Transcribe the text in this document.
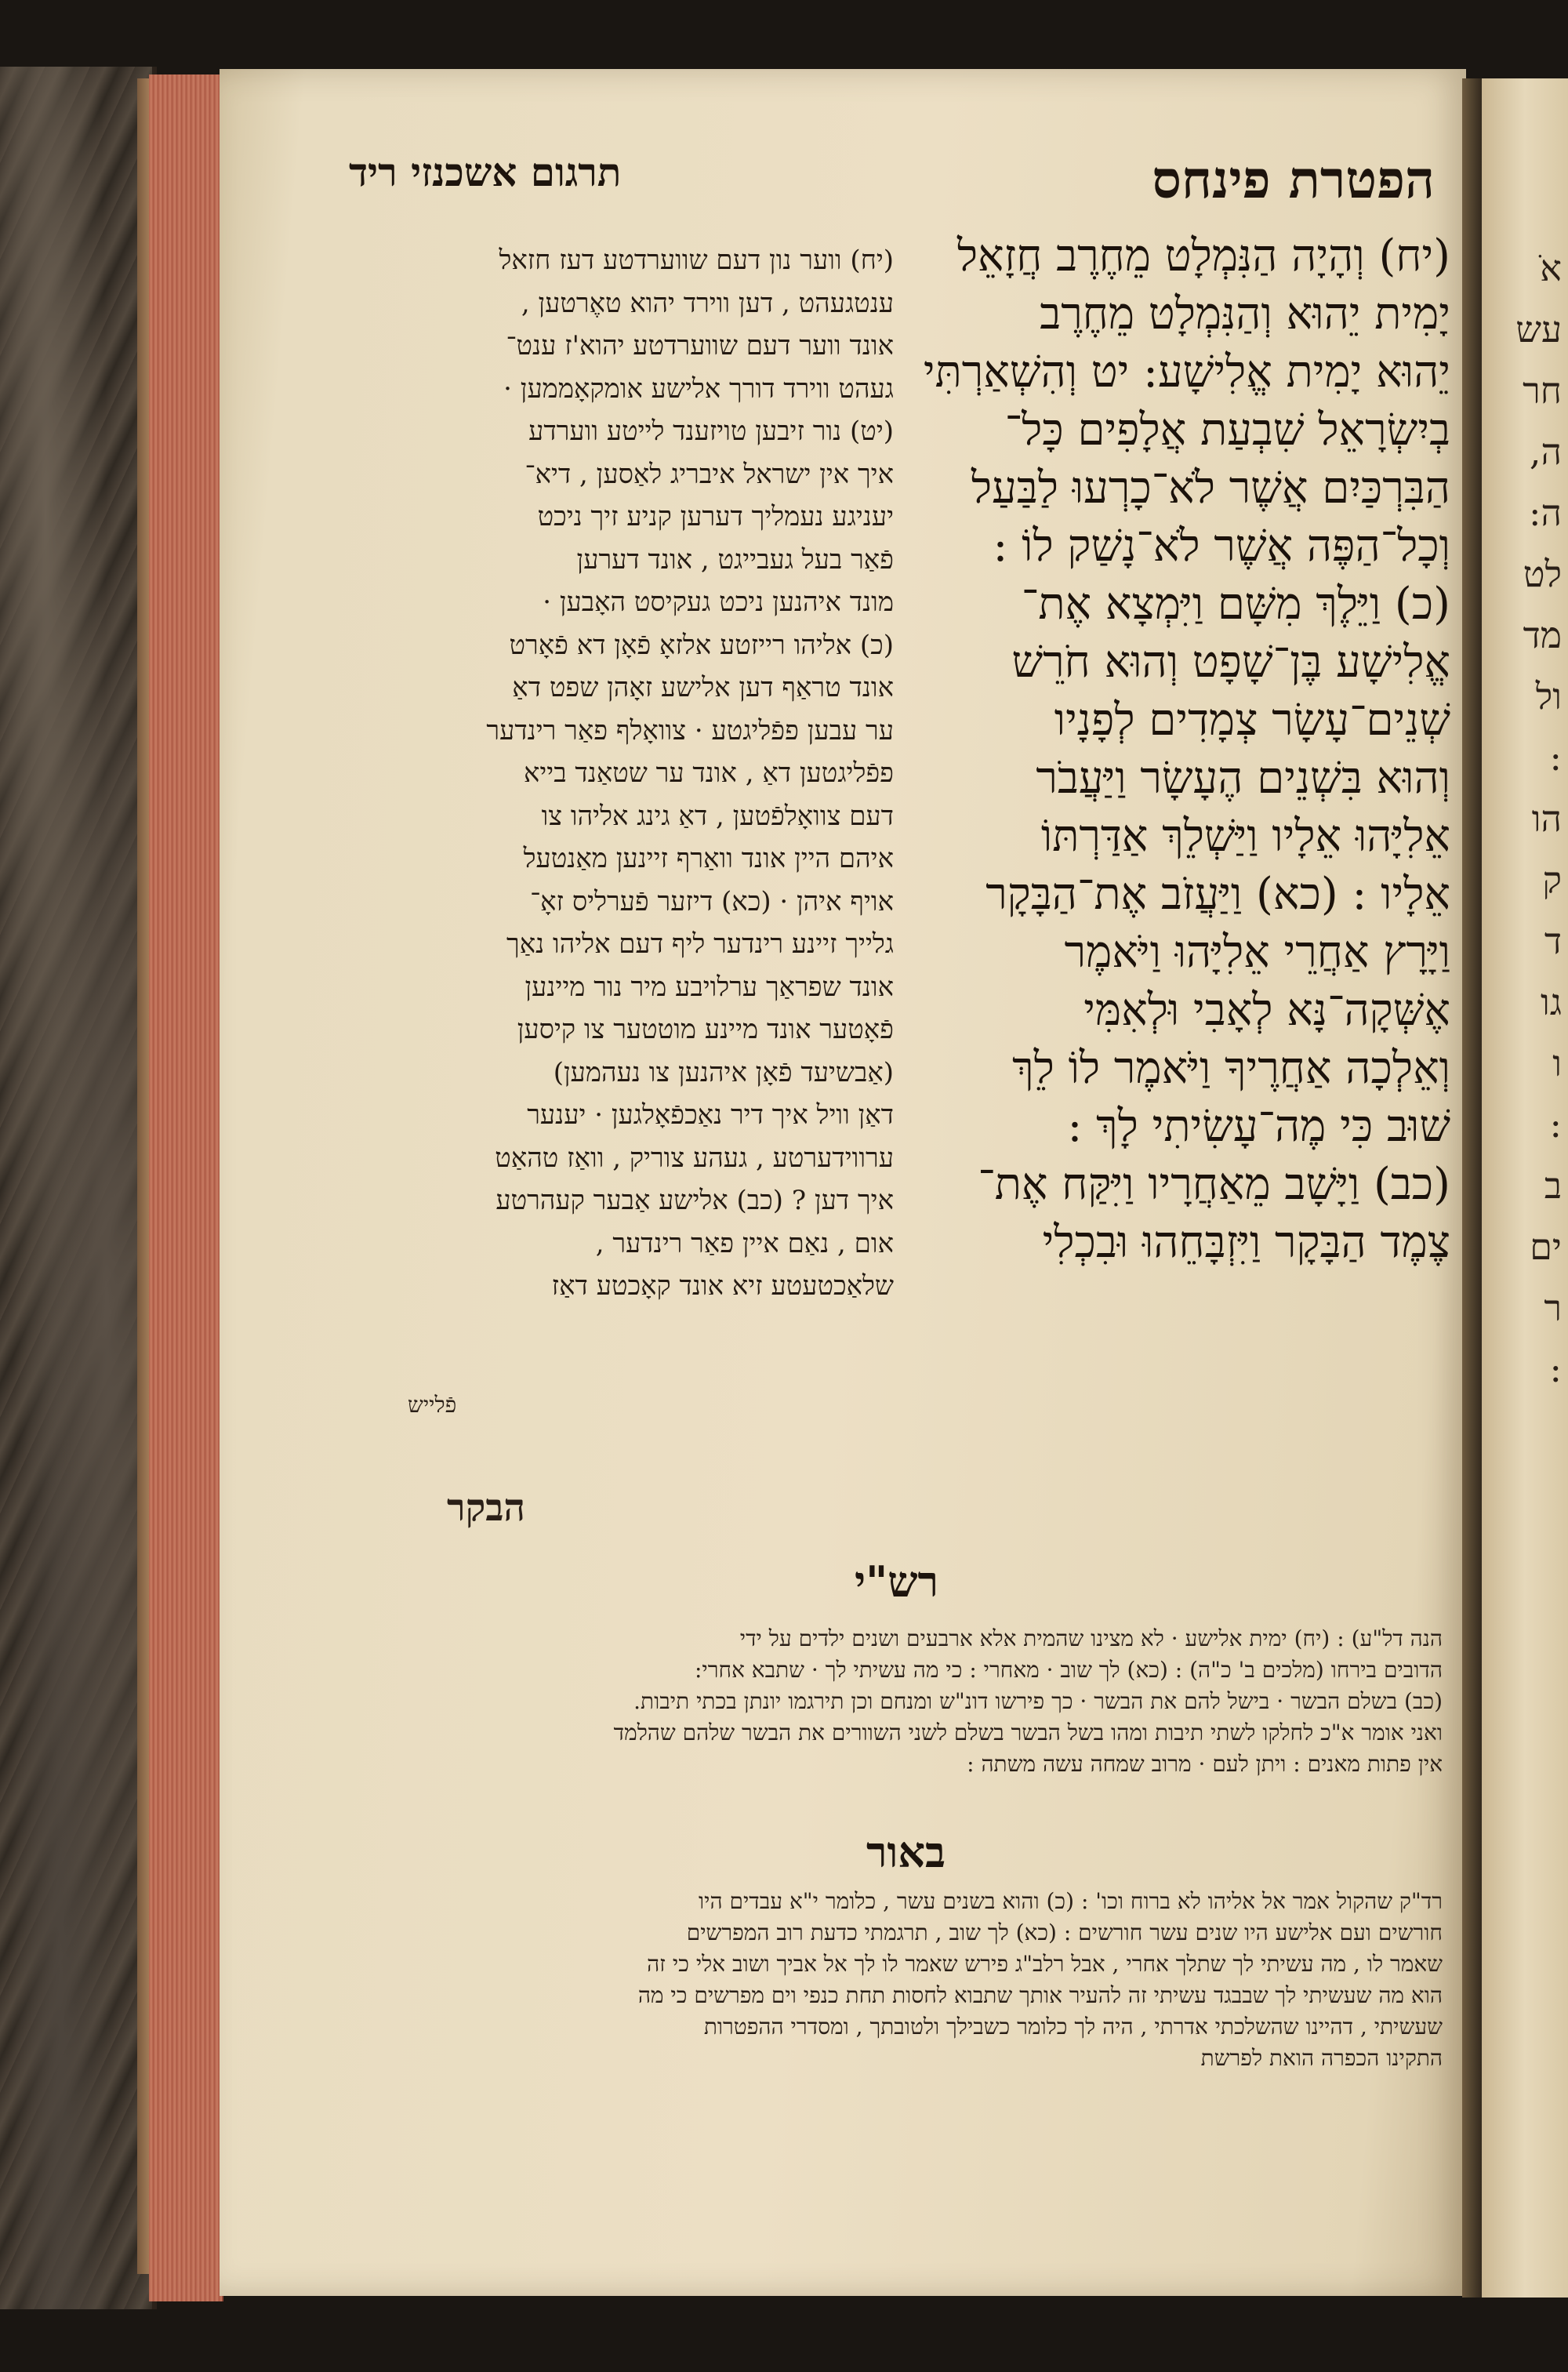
הפטרת פינחס
תרגום אשכנזי ריד
(יח) וְהָיָה הַנִּמְלָט מֵחֶרֶב חֲזָאֵל
יָמִית יֵהוּא וְהַנִּמְלָט מֵחֶרֶב
יֵהוּא יָמִית אֱלִישָׁע: יט וְהִשְׁאַרְתִּי
בְיִשְׂרָאֵל שִׁבְעַת אֲלָפִים כָּל־
הַבִּרְכַּיִם אֲשֶׁר לֹא־כָרְעוּ לַבַּעַל
וְכָל־הַפֶּה אֲשֶׁר לֹא־נָשַׁק לוֹ :
(כ) וַיֵּלֶךְ מִשָּׁם וַיִּמְצָא אֶת־
אֱלִישָׁע בֶּן־שָׁפָט וְהוּא חֹרֵשׁ
שְׁנֵים־עָשָׂר צְמָדִים לְפָנָיו
וְהוּא בִּשְׁנֵים הֶעָשָׂר וַיַּעֲבֹר
אֵלִיָּהוּ אֵלָיו וַיַּשְׁלֵךְ אַדַּרְתּוֹ
אֵלָיו : (כא) וַיַּעֲזֹב אֶת־הַבָּקָר
וַיָּרָץ אַחֲרֵי אֵלִיָּהוּ וַיֹּאמֶר
אֶשְּׁקָה־נָּא לְאָבִי וּלְאִמִּי
וְאֵלְכָה אַחֲרֶיךָ וַיֹּאמֶר לוֹ לֵךְ
שׁוּב כִּי מֶה־עָשִׂיתִי לָךְ :
(כב) וַיָּשָׁב מֵאַחֲרָיו וַיִּקַּח אֶת־
צֶמֶד הַבָּקָר וַיִּזְבָּחֵהוּ וּבִכְלִי
(יח) ווער נון דעם שווערדטע דעז חזאל
ענטגעהט , דען ווירד יהוא טאֶרטען ,
אונד ווער דעם שווערדטע יהוא'ז ענט־
געהט ווירד דורך אלישע אומקאָממען ·
(יט) נור זיבען טויזענד לייטע ווערדע
איך אין ישראל איבריג לאַסען , דיא־
יעניגע נעמליך דערען קניע זיך ניכט
פֿאַר בעל געבייגט , אונד דערען
מונד איהנען ניכט געקיסט האָבען ·
(כ) אליהו רייזטע אלזאָ פֿאָן דא פֿאָרט
אונד טראַף דען אלישע זאָהן שפט דאַ
ער עבען פפֿליגטע · צוואָלף פאַר רינדער
פפֿליגטען דאַ , אונד ער שטאַנד בייא
דעם צוואָלפֿטען , דאַ גינג אליהו צו
איהם היין אונד וואַרף זיינען מאַנטעל
אויף איהן · (כא) דיזער פֿערליס זאָ־
גלייך זיינע רינדער ליף דעם אליהו נאַך
אונד שפראַך ערלויבע מיר נור מיינען
פֿאָטער אונד מיינע מוטטער צו קיסען
(אַבשיעד פֿאָן איהנען צו נעהמען)
דאַן וויל איך דיר נאַכפֿאָלגען · יענער
ערווידערטע , געהע צוריק , וואַז טהאַט
איך דען ? (כב) אלישע אַבער קעהרטע
אום , נאַם איין פאַר רינדער ,
שלאַכטעטע זיא אונד קאָכטע דאַז
פֿלייש
הבקר
רש"י
הנה דל"ע) : (יח) ימית אלישע · לא מצינו שהמית אלא ארבעים ושנים ילדים על ידי
הדובים בירחו (מלכים ב' כ"ה) : (כא) לך שוב · מאחרי : כי מה עשיתי לך · שתבא אחרי:
(כב) בשלם הבשר · בישל להם את הבשר · כך פירשו דונ"ש ומנחם וכן תירגמו יונתן בכתי תיבות.
ואני אומר א"כ לחלקו לשתי תיבות ומהו בשל הבשר בשלם לשני השוורים את הבשר שלהם שהלמד
אין פתות מאנים : ויתן לעם · מרוב שמחה עשה משתה :
באור
רד"ק שהקול אמר אל אליהו לא ברוח וכו' : (כ) והוא בשנים עשר , כלומר י"א עבדים היו
חורשים ועם אלישע היו שנים עשר חורשים : (כא) לך שוב , תרגמתי כדעת רוב המפרשים
שאמר לו , מה עשיתי לך שתלך אחרי , אבל רלב"ג פירש שאמר לו לך אל אביך ושוב אלי כי זה
הוא מה שעשיתי לך שבבגד עשיתי זה להעיר אותך שתבוא לחסות תחת כנפי וים מפרשים כי מה
שעשיתי , דהיינו שהשלכתי אדרתי , היה לך כלומר כשבילך ולטובתך , ומסדרי ההפטרות
התקינו הכפרה הואת לפרשת
אׁ
עש
חר
ה,
ה:
לט
מד
ול
:
הו
ק
ד
גו
ו
:
ב
ים
ר
:
